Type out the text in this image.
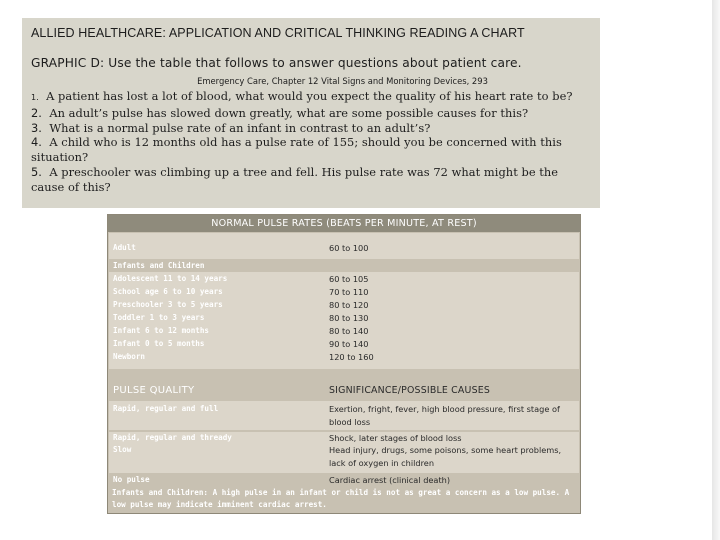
ALLIED HEALTHCARE: APPLICATION AND CRITICAL THINKING READING A CHART
GRAPHIC D: Use the table that follows to answer questions about patient care.
Emergency Care, Chapter 12 Vital Signs and Monitoring Devices, 293
1. A patient has lost a lot of blood, what would you expect the quality of his heart rate to be?
2. An adult’s pulse has slowed down greatly, what are some possible causes for this?
3. What is a normal pulse rate of an infant in contrast to an adult’s?
4. A child who is 12 months old has a pulse rate of 155; should you be concerned with this situation?
5. A preschooler was climbing up a tree and fell. His pulse rate was 72 what might be the cause of this?
NORMAL PULSE RATES (BEATS PER MINUTE, AT REST)
Adult	60 to 100
Infants and Children
Adolescent 11 to 14 years	60 to 105
School age 6 to 10 years	70 to 110
Preschooler 3 to 5 years	80 to 120
Toddler 1 to 3 years	80 to 130
Infant 6 to 12 months	80 to 140
Infant 0 to 5 months	90 to 140
Newborn	120 to 160
PULSE QUALITY	SIGNIFICANCE/POSSIBLE CAUSES
Rapid, regular and full	Exertion, fright, fever, high blood pressure, first stage of blood loss
Rapid, regular and thready	Shock, later stages of blood loss
Slow	Head injury, drugs, some poisons, some heart problems, lack of oxygen in children
No pulse	Cardiac arrest (clinical death)
Infants and Children: A high pulse in an infant or child is not as great a concern as a low pulse. A low pulse may indicate imminent cardiac arrest.
